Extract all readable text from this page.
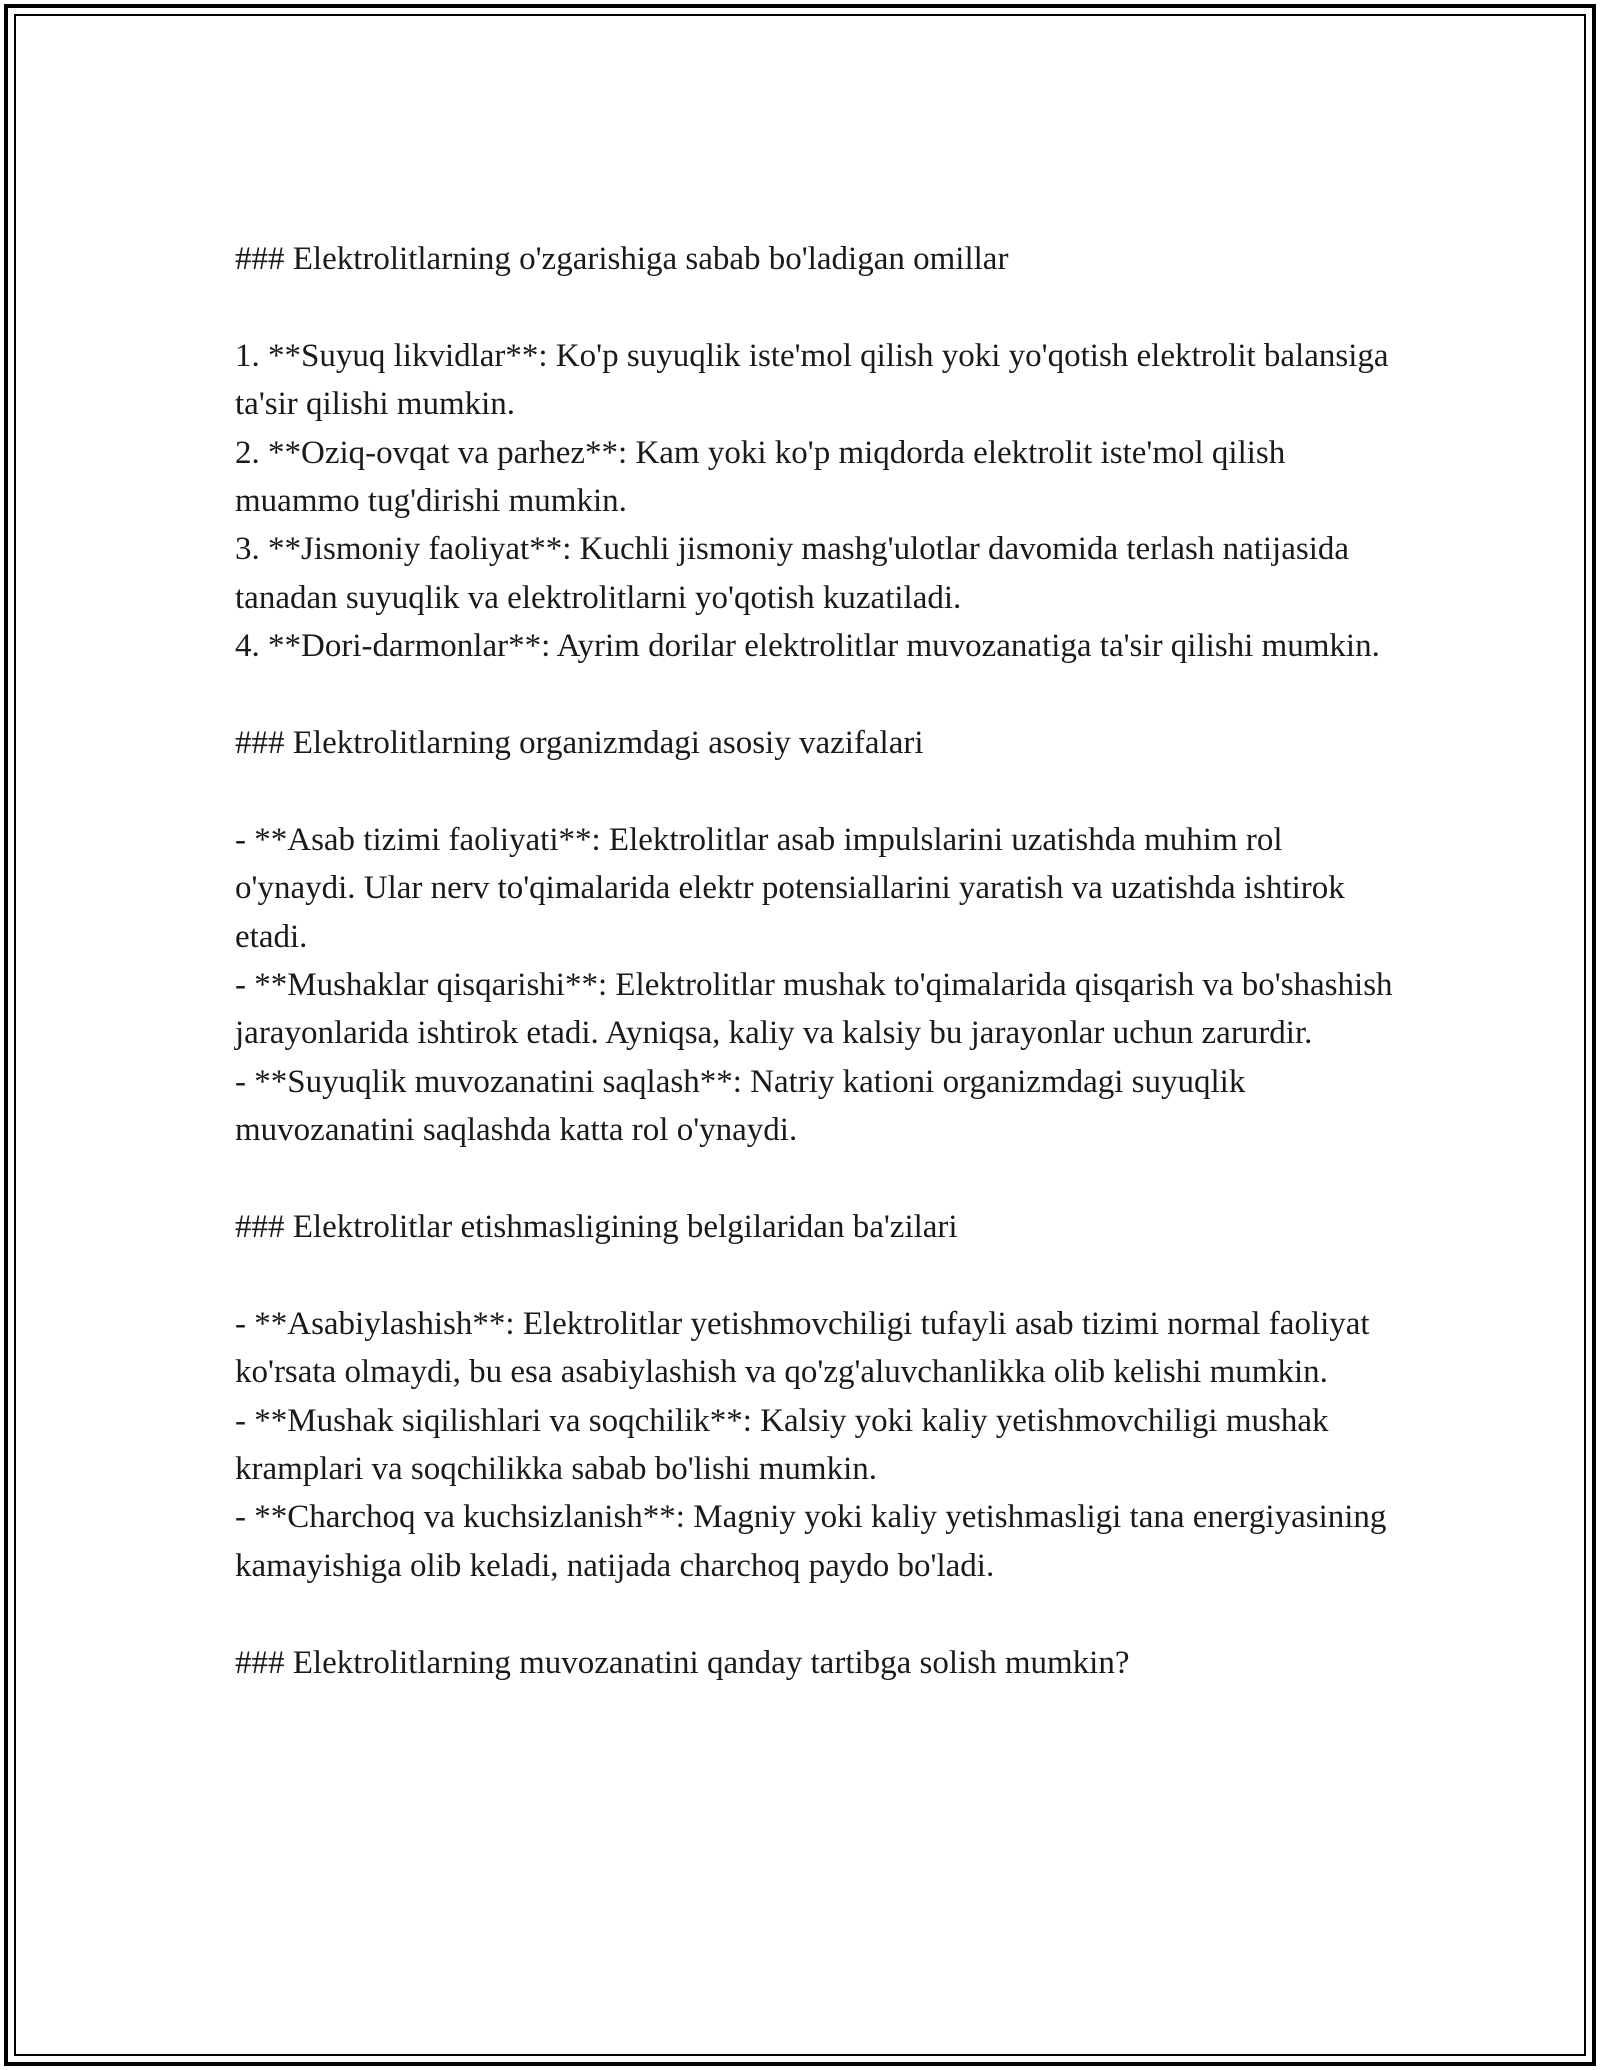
### Elektrolitlarning o'zgarishiga sabab bo'ladigan omillar

1. **Suyuq likvidlar**: Ko'p suyuqlik iste'mol qilish yoki yo'qotish elektrolit balansiga ta'sir qilishi mumkin.

2. **Oziq-ovqat va parhez**: Kam yoki ko'p miqdorda elektrolit iste'mol qilish muammo tug'dirishi mumkin.

3. **Jismoniy faoliyat**: Kuchli jismoniy mashg'ulotlar davomida terlash natijasida tanadan suyuqlik va elektrolitlarni yo'qotish kuzatiladi.

4. **Dori-darmonlar**: Ayrim dorilar elektrolitlar muvozanatiga ta'sir qilishi mumkin.

### Elektrolitlarning organizmdagi asosiy vazifalari

- **Asab tizimi faoliyati**: Elektrolitlar asab impulslarini uzatishda muhim rol o'ynaydi. Ular nerv to'qimalarida elektr potensiallarini yaratish va uzatishda ishtirok etadi.

- **Mushaklar qisqarishi**: Elektrolitlar mushak to'qimalarida qisqarish va bo'shashish jarayonlarida ishtirok etadi. Ayniqsa, kaliy va kalsiy bu jarayonlar uchun zarurdir.

- **Suyuqlik muvozanatini saqlash**: Natriy kationi organizmdagi suyuqlik muvozanatini saqlashda katta rol o'ynaydi.

### Elektrolitlar etishmasligining belgilaridan ba'zilari

- **Asabiylashish**: Elektrolitlar yetishmovchiligi tufayli asab tizimi normal faoliyat ko'rsata olmaydi, bu esa asabiylashish va qo'zg'aluvchanlikka olib kelishi mumkin.

- **Mushak siqilishlari va soqchilik**: Kalsiy yoki kaliy yetishmovchiligi mushak kramplari va soqchilikka sabab bo'lishi mumkin.

- **Charchoq va kuchsizlanish**: Magniy yoki kaliy yetishmasligi tana energiyasining kamayishiga olib keladi, natijada charchoq paydo bo'ladi.

### Elektrolitlarning muvozanatini qanday tartibga solish mumkin?
